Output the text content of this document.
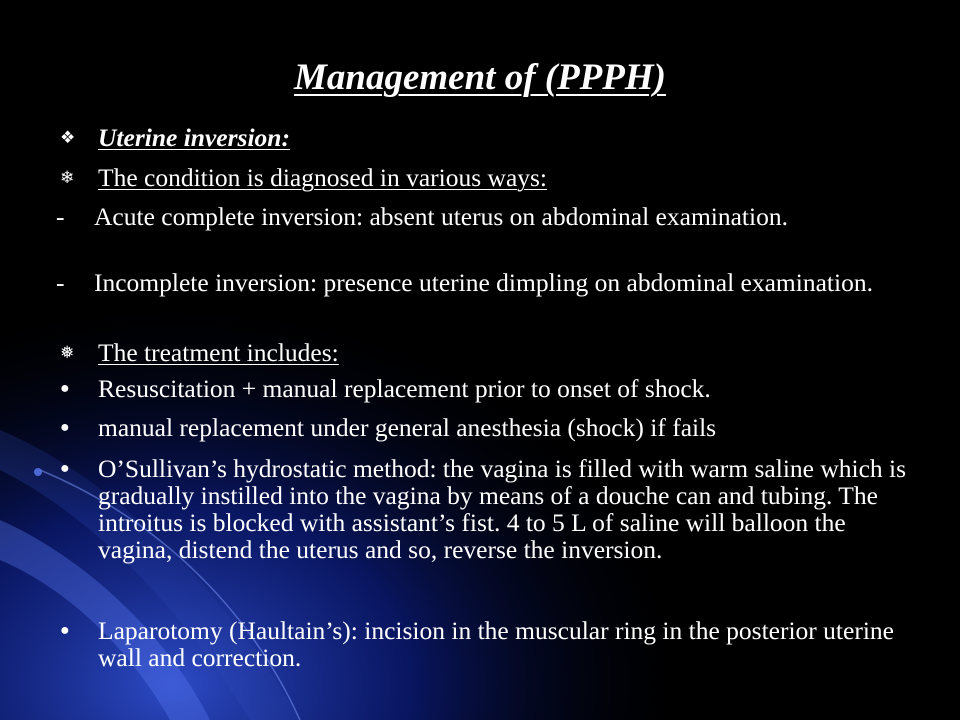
Management of (PPPH)
❖ Uterine inversion:
❄ The condition is diagnosed in various ways:
-	Acute complete inversion: absent uterus on abdominal examination.
-	Incomplete inversion: presence uterine dimpling on abdominal examination.
❅ The treatment includes:
●	Resuscitation + manual replacement prior to onset of shock.
●	manual replacement under general anesthesia (shock) if fails
●	O’Sullivan’s hydrostatic method: the vagina is filled with warm saline which is gradually instilled into the vagina by means of a douche can and tubing. The introitus is blocked with assistant’s fist. 4 to 5 L of saline will balloon the vagina, distend the uterus and so, reverse the inversion.
●	Laparotomy (Haultain’s): incision in the muscular ring in the posterior uterine wall and correction.
